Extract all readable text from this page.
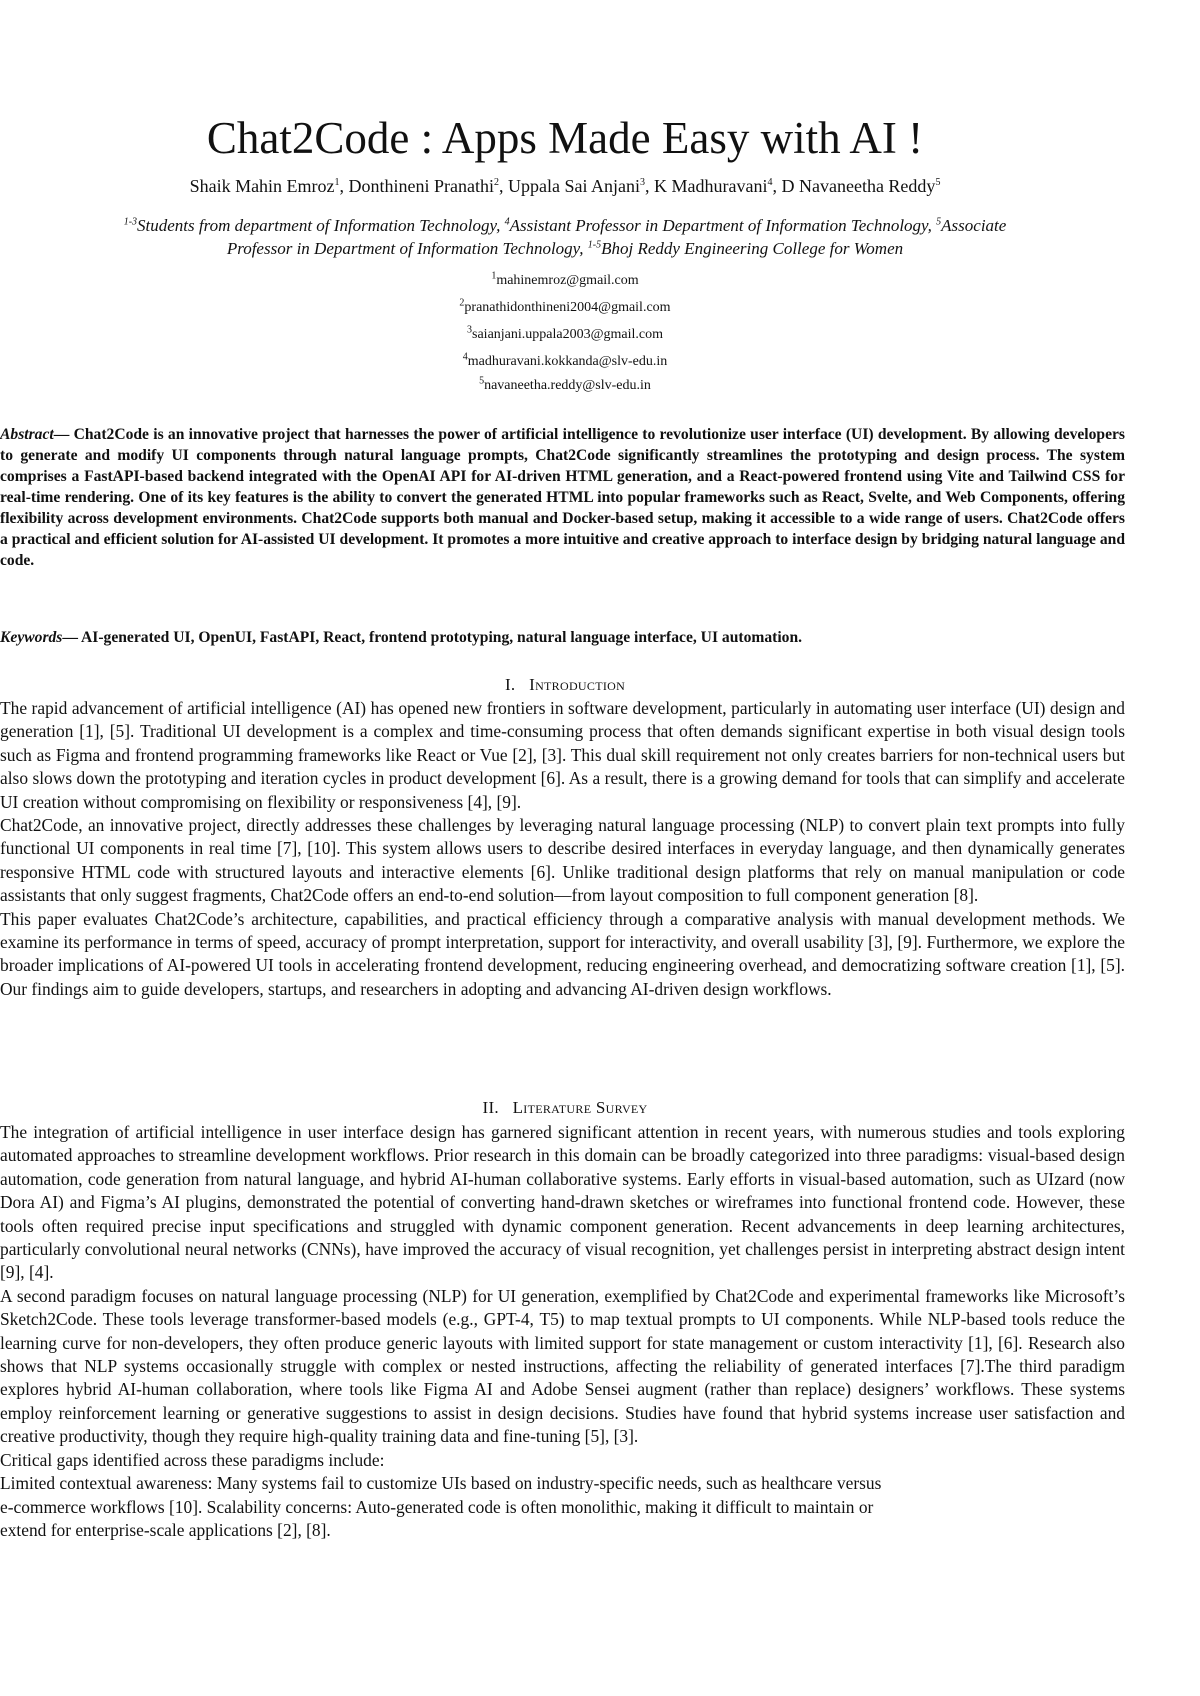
Chat2Code : Apps Made Easy with AI !
Shaik Mahin Emroz$^1$, Donthineni Pranathi$^2$, Uppala Sai Anjani$^3$, K Madhuravani$^4$, D Navaneetha Reddy$^5$
$^{1-3}$Students from department of Information Technology, $^4$Assistant Professor in Department of Information Technology, $^5$Associate
Professor in Department of Information Technology, $^{1-5}$Bhoj Reddy Engineering College for Women
$^1$mahinemroz@gmail.com
$^2$pranathidonthineni2004@gmail.com
$^3$saianjani.uppala2003@gmail.com
$^4$madhuravani.kokkanda@slv-edu.in
$^5$navaneetha.reddy@slv-edu.in
Abstract— Chat2Code is an innovative project that harnesses the power of artificial intelligence to revolutionize user interface (UI) development. By allowing developers to generate and modify UI components through natural language prompts, Chat2Code significantly streamlines the prototyping and design process. The system comprises a FastAPI-based backend integrated with the OpenAI API for AI-driven HTML generation, and a React-powered frontend using Vite and Tailwind CSS for real-time rendering. One of its key features is the ability to convert the generated HTML into popular frameworks such as React, Svelte, and Web Components, offering flexibility across development environments. Chat2Code supports both manual and Docker-based setup, making it accessible to a wide range of users. Chat2Code offers a practical and efficient solution for AI-assisted UI development. It promotes a more intuitive and creative approach to interface design by bridging natural language and code.
Keywords— AI-generated UI, OpenUI, FastAPI, React, frontend prototyping, natural language interface, UI automation.
I. Introduction

The rapid advancement of artificial intelligence (AI) has opened new frontiers in software development, particularly in automating user interface (UI) design and generation [1], [5]. Traditional UI development is a complex and time-consuming process that often demands significant expertise in both visual design tools such as Figma and frontend programming frameworks like React or Vue [2], [3]. This dual skill requirement not only creates barriers for non-technical users but also slows down the prototyping and iteration cycles in product development [6]. As a result, there is a growing demand for tools that can simplify and accelerate UI creation without compromising on flexibility or responsiveness [4], [9].

Chat2Code, an innovative project, directly addresses these challenges by leveraging natural language processing (NLP) to convert plain text prompts into fully functional UI components in real time [7], [10]. This system allows users to describe desired interfaces in everyday language, and then dynamically generates responsive HTML code with structured layouts and interactive elements [6]. Unlike traditional design platforms that rely on manual manipulation or code assistants that only suggest fragments, Chat2Code offers an end-to-end solution—from layout composition to full component generation [8].

This paper evaluates Chat2Code’s architecture, capabilities, and practical efficiency through a comparative analysis with manual development methods. We examine its performance in terms of speed, accuracy of prompt interpretation, support for interactivity, and overall usability [3], [9]. Furthermore, we explore the broader implications of AI-powered UI tools in accelerating frontend development, reducing engineering overhead, and democratizing software creation [1], [5]. Our findings aim to guide developers, startups, and researchers in adopting and advancing AI-driven design workflows.

II. Literature Survey

The integration of artificial intelligence in user interface design has garnered significant attention in recent years, with numerous studies and tools exploring automated approaches to streamline development workflows. Prior research in this domain can be broadly categorized into three paradigms: visual-based design automation, code generation from natural language, and hybrid AI-human collaborative systems. Early efforts in visual-based automation, such as UIzard (now Dora AI) and Figma’s AI plugins, demonstrated the potential of converting hand-drawn sketches or wireframes into functional frontend code. However, these tools often required precise input specifications and struggled with dynamic component generation. Recent advancements in deep learning architectures, particularly convolutional neural networks (CNNs), have improved the accuracy of visual recognition, yet challenges persist in interpreting abstract design intent [9], [4].

A second paradigm focuses on natural language processing (NLP) for UI generation, exemplified by Chat2Code and experimental frameworks like Microsoft’s Sketch2Code. These tools leverage transformer-based models (e.g., GPT-4, T5) to map textual prompts to UI components. While NLP-based tools reduce the learning curve for non-developers, they often produce generic layouts with limited support for state management or custom interactivity [1], [6]. Research also shows that NLP systems occasionally struggle with complex or nested instructions, affecting the reliability of generated interfaces [7].The third paradigm explores hybrid AI-human collaboration, where tools like Figma AI and Adobe Sensei augment (rather than replace) designers’ workflows. These systems employ reinforcement learning or generative suggestions to assist in design decisions. Studies have found that hybrid systems increase user satisfaction and creative productivity, though they require high-quality training data and fine-tuning [5], [3].

Critical gaps identified across these paradigms include:

Limited contextual awareness: Many systems fail to customize UIs based on industry-specific needs, such as healthcare versus

e-commerce workflows [10]. Scalability concerns: Auto-generated code is often monolithic, making it difficult to maintain or

extend for enterprise-scale applications [2], [8].
